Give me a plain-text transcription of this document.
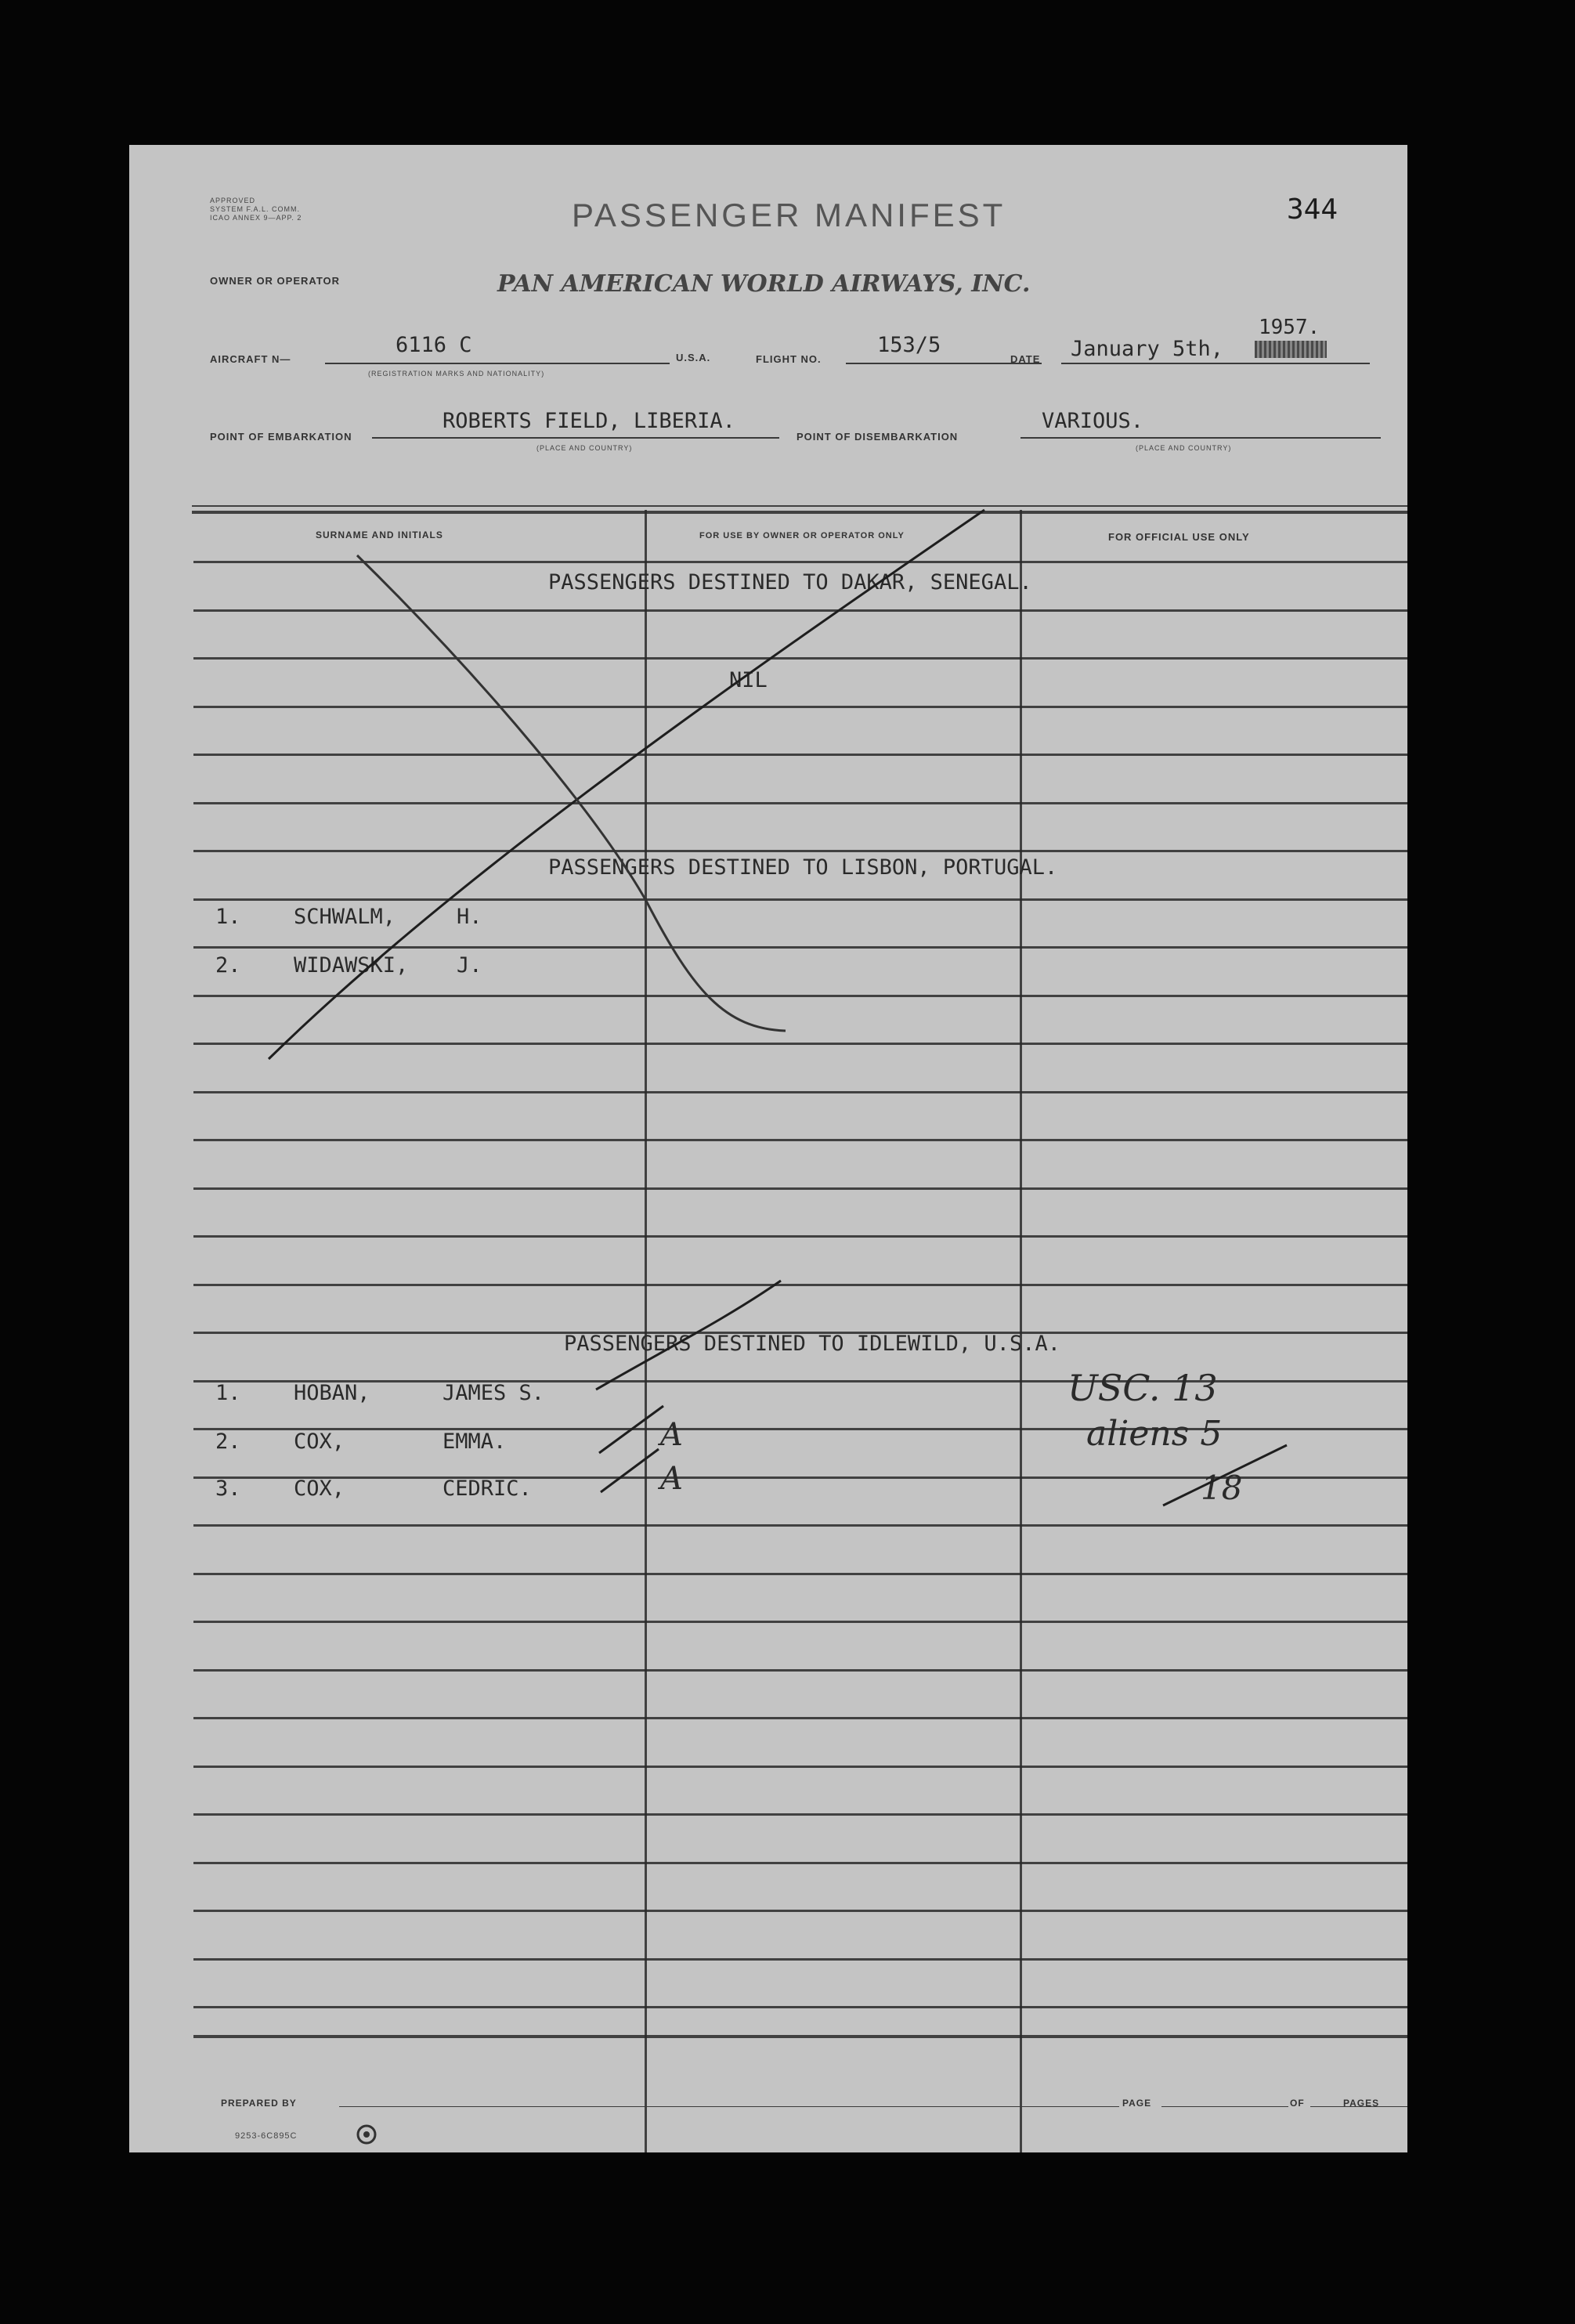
APPROVED
SYSTEM F.A.L. COMM.
ICAO ANNEX 9—APP. 2	PASSENGER MANIFEST	344
OWNER OR OPERATOR	PAN AMERICAN WORLD AIRWAYS, INC.
AIRCRAFT N—
6116 C
(REGISTRATION MARKS AND NATIONALITY)
U.S.A.	FLIGHT NO.
153/5
DATE January 5th,
1957.
POINT OF EMBARKATION
ROBERTS FIELD, LIBERIA.
(PLACE AND COUNTRY)
POINT OF DISEMBARKATION
VARIOUS.
(PLACE AND COUNTRY)
SURNAME AND INITIALS	FOR USE BY OWNER OR OPERATOR ONLY	FOR OFFICIAL USE ONLY
PASSENGERS DESTINED TO DAKAR, SENEGAL.
NIL
PASSENGERS DESTINED TO LISBON, PORTUGAL.
1. SCHWALM,	H.
2. WIDAWSKI, J.
PASSENGERS DESTINED TO IDLEWILD, U.S.A.
1. HOBAN,	JAMES S.
2. COX,	EMMA.	A
3. COX,	CEDRIC.	A
USC. 13
aliens 5
18
PREPARED BY	PAGE	OF	PAGES
9253-6C895C
